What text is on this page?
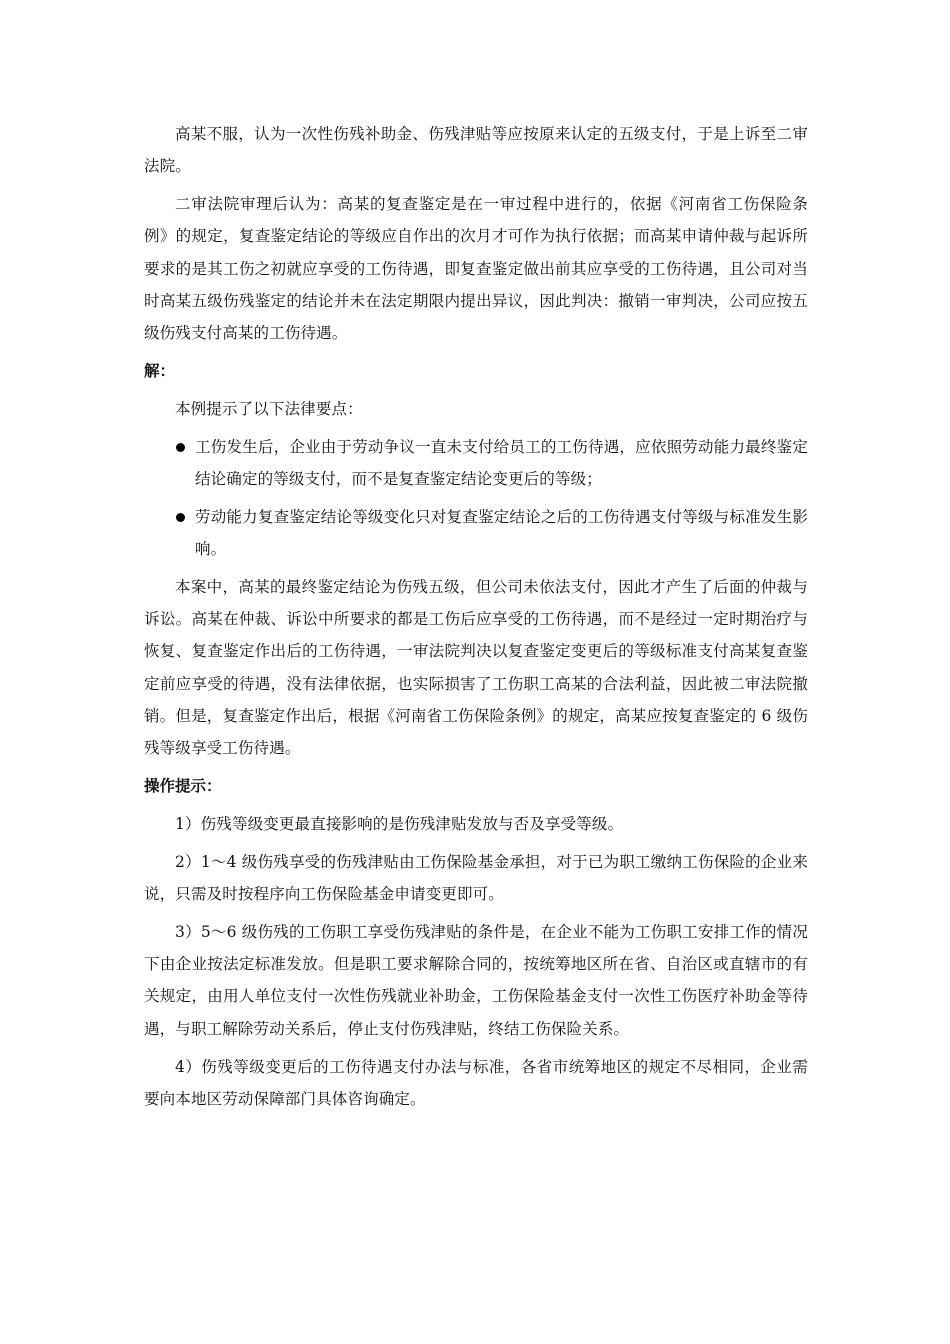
高某不服，认为一次性伤残补助金、伤残津贴等应按原来认定的五级支付，于是上诉至二审法院。

二审法院审理后认为：高某的复查鉴定是在一审过程中进行的，依据《河南省工伤保险条例》的规定，复查鉴定结论的等级应自作出的次月才可作为执行依据；而高某申请仲裁与起诉所要求的是其工伤之初就应享受的工伤待遇，即复查鉴定做出前其应享受的工伤待遇，且公司对当时高某五级伤残鉴定的结论并未在法定期限内提出异议，因此判决：撤销一审判决，公司应按五级伤残支付高某的工伤待遇。

解：

本例提示了以下法律要点：

工伤发生后，企业由于劳动争议一直未支付给员工的工伤待遇，应依照劳动能力最终鉴定结论确定的等级支付，而不是复查鉴定结论变更后的等级；
劳动能力复查鉴定结论等级变化只对复查鉴定结论之后的工伤待遇支付等级与标准发生影响。

本案中，高某的最终鉴定结论为伤残五级，但公司未依法支付，因此才产生了后面的仲裁与诉讼。高某在仲裁、诉讼中所要求的都是工伤后应享受的工伤待遇，而不是经过一定时期治疗与恢复、复查鉴定作出后的工伤待遇，一审法院判决以复查鉴定变更后的等级标准支付高某复查鉴定前应享受的待遇，没有法律依据，也实际损害了工伤职工高某的合法利益，因此被二审法院撤销。但是，复查鉴定作出后，根据《河南省工伤保险条例》的规定，高某应按复查鉴定的 6 级伤残等级享受工伤待遇。

操作提示：

1）伤残等级变更最直接影响的是伤残津贴发放与否及享受等级。

2）1～4 级伤残享受的伤残津贴由工伤保险基金承担，对于已为职工缴纳工伤保险的企业来说，只需及时按程序向工伤保险基金申请变更即可。

3）5～6 级伤残的工伤职工享受伤残津贴的条件是，在企业不能为工伤职工安排工作的情况下由企业按法定标准发放。但是职工要求解除合同的，按统筹地区所在省、自治区或直辖市的有关规定，由用人单位支付一次性伤残就业补助金，工伤保险基金支付一次性工伤医疗补助金等待遇，与职工解除劳动关系后，停止支付伤残津贴，终结工伤保险关系。

4）伤残等级变更后的工伤待遇支付办法与标准，各省市统筹地区的规定不尽相同，企业需要向本地区劳动保障部门具体咨询确定。
